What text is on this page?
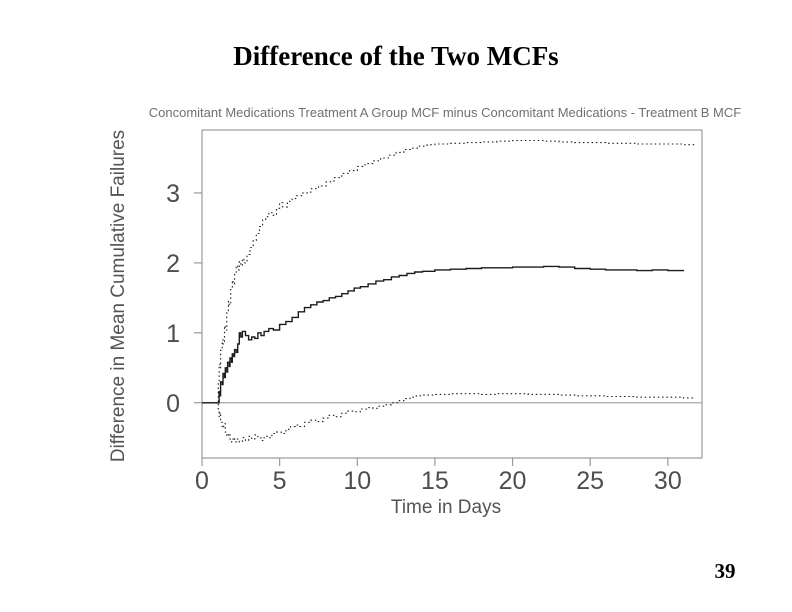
Difference of the Two MCFs
Concomitant Medications Treatment A Group MCF minus Concomitant Medications - Treatment B MCF
0
1
2
3
0	5 10 15 20 25 30
Time in Days
Difference in Mean Cumulative Failures
39
